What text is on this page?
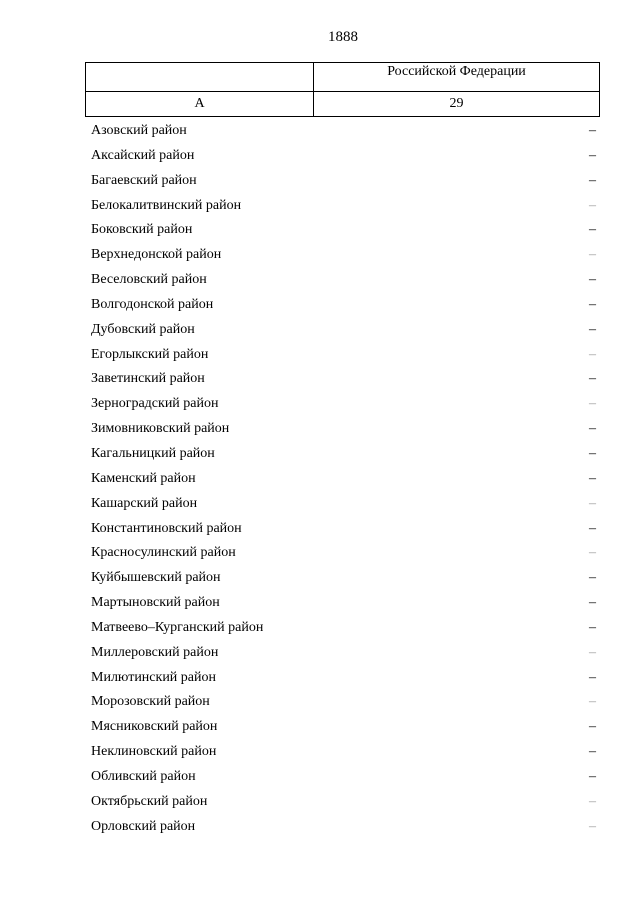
1888
	Российской Федерации
А	29
Азовский район	–
Аксайский район	–
Багаевский район	–
Белокалитвинский район	–
Боковский район	–
Верхнедонской район	–
Веселовский район	–
Волгодонской район	–
Дубовский район	–
Егорлыкский район	–
Заветинский район	–
Зерноградский район	–
Зимовниковский район	–
Кагальницкий район	–
Каменский район	–
Кашарский район	–
Константиновский район	–
Красносулинский район	–
Куйбышевский район	–
Мартыновский район	–
Матвеево–Курганский район	–
Миллеровский район	–
Милютинский район	–
Морозовский район	–
Мясниковский район	–
Неклиновский район	–
Обливский район	–
Октябрьский район	–
Орловский район	–
